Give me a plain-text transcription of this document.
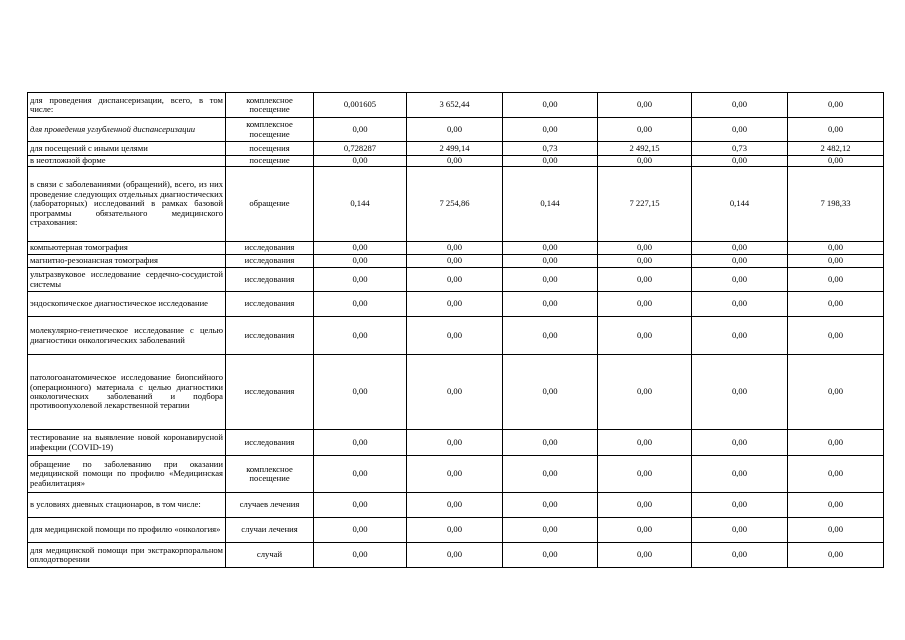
для проведения диспансеризации, всего, в том числе:	комплексное посещение	0,001605	3 652,44	0,00	0,00	0,00	0,00
для проведения углубленной диспансеризации	комплексное посещение	0,00	0,00	0,00	0,00	0,00	0,00
для посещений с иными целями	посещения	0,728287	2 499,14	0,73	2 492,15	0,73	2 482,12
в неотложной форме	посещение	0,00	0,00	0,00	0,00	0,00	0,00
в связи с заболеваниями (обращений), всего, из них проведение следующих отдельных диагностических (лабораторных) исследований в рамках базовой программы обязательного медицинского страхования:	обращение	0,144	7 254,86	0,144	7 227,15	0,144	7 198,33
компьютерная томография	исследования	0,00	0,00	0,00	0,00	0,00	0,00
магнитно-резонансная томография	исследования	0,00	0,00	0,00	0,00	0,00	0,00
ультразвуковое исследование сердечно-сосудистой системы	исследования	0,00	0,00	0,00	0,00	0,00	0,00
эндоскопическое диагностическое исследование	исследования	0,00	0,00	0,00	0,00	0,00	0,00
молекулярно-генетическое исследование с целью диагностики онкологических заболеваний	исследования	0,00	0,00	0,00	0,00	0,00	0,00
патологоанатомическое исследование биопсийного (операционного) материала с целью диагностики онкологических заболеваний и подбора противоопухолевой лекарственной терапии	исследования	0,00	0,00	0,00	0,00	0,00	0,00
тестирование на выявление новой коронавирусной инфекции (COVID-19)	исследования	0,00	0,00	0,00	0,00	0,00	0,00
обращение по заболеванию при оказании медицинской помощи по профилю «Медицинская реабилитация»	комплексное посещение	0,00	0,00	0,00	0,00	0,00	0,00
в условиях дневных стационаров, в том числе:	случаев лечения	0,00	0,00	0,00	0,00	0,00	0,00
для медицинской помощи по профилю «онкология»	случаи лечения	0,00	0,00	0,00	0,00	0,00	0,00
для медицинской помощи при экстракорпоральном оплодотворении	случай	0,00	0,00	0,00	0,00	0,00	0,00
